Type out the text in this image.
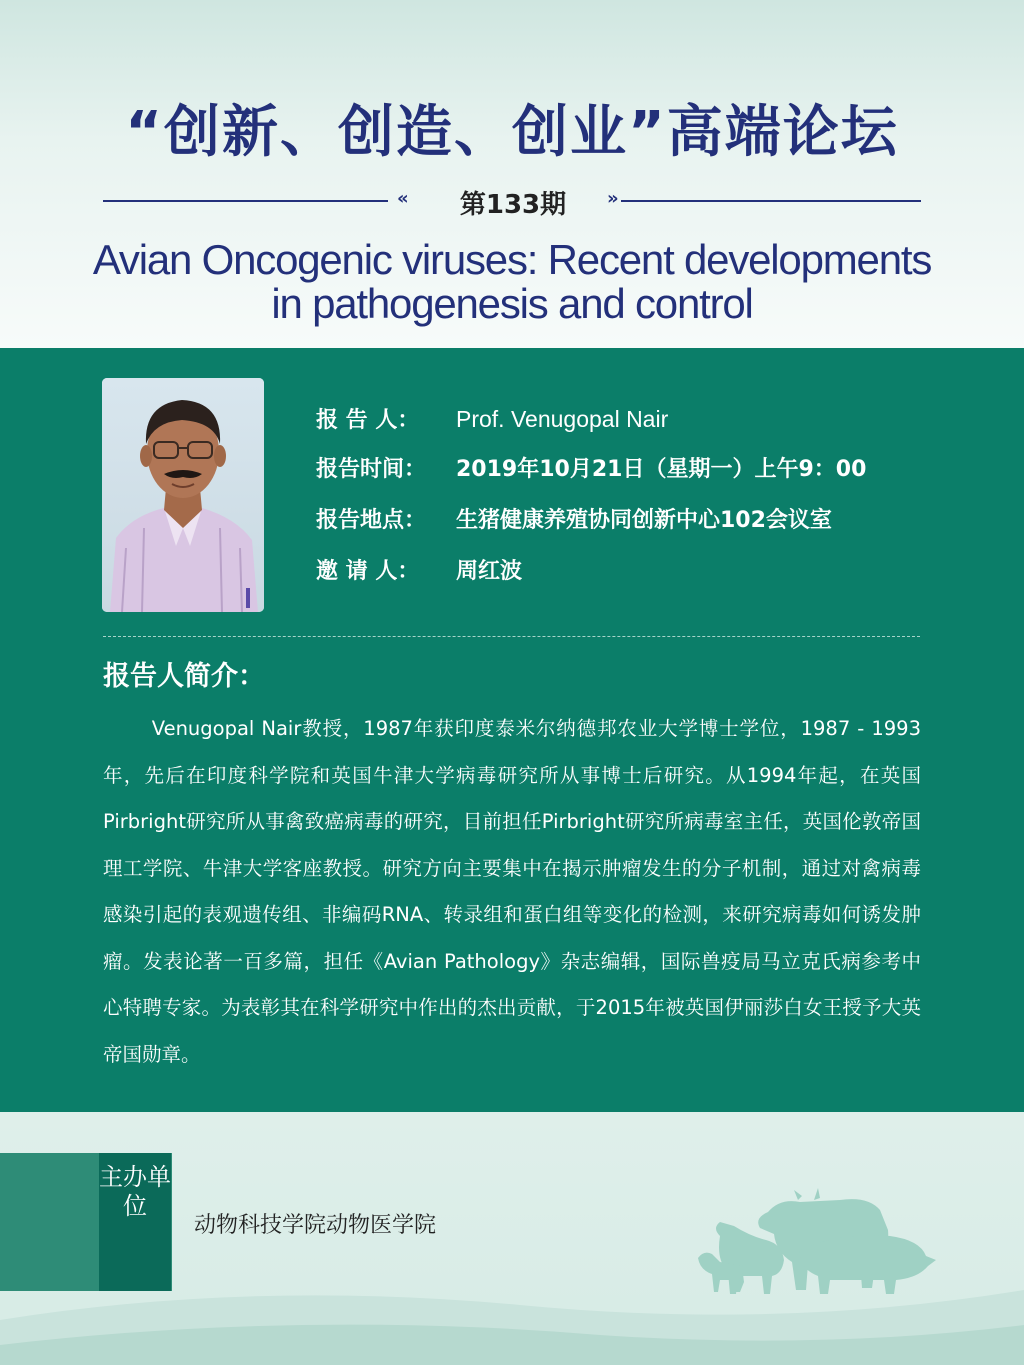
“创新、创造、创业”高端论坛
«	第133期	»
Avian Oncogenic viruses: Recent developments
in pathogenesis and control
报 告 人： Prof. Venugopal Nair
报告时间： 2019年10月21日（星期一）上午9：00
报告地点： 生猪健康养殖协同创新中心102会议室
邀 请 人： 周红波
报告人简介：
Venugopal Nair教授，1987年获印度泰米尔纳德邦农业大学博士学位，1987 - 1993年，先后在印度科学院和英国牛津大学病毒研究所从事博士后研究。从1994年起，在英国Pirbright研究所从事禽致癌病毒的研究，目前担任Pirbright研究所病毒室主任，英国伦敦帝国理工学院、牛津大学客座教授。研究方向主要集中在揭示肿瘤发生的分子机制，通过对禽病毒感染引起的表观遗传组、非编码RNA、转录组和蛋白组等变化的检测，来研究病毒如何诱发肿瘤。发表论著一百多篇，担任《Avian Pathology》杂志编辑，国际兽疫局马立克氏病参考中心特聘专家。为表彰其在科学研究中作出的杰出贡献，于2015年被英国伊丽莎白女王授予大英帝国勋章。
主办单位
动物科技学院动物医学院
